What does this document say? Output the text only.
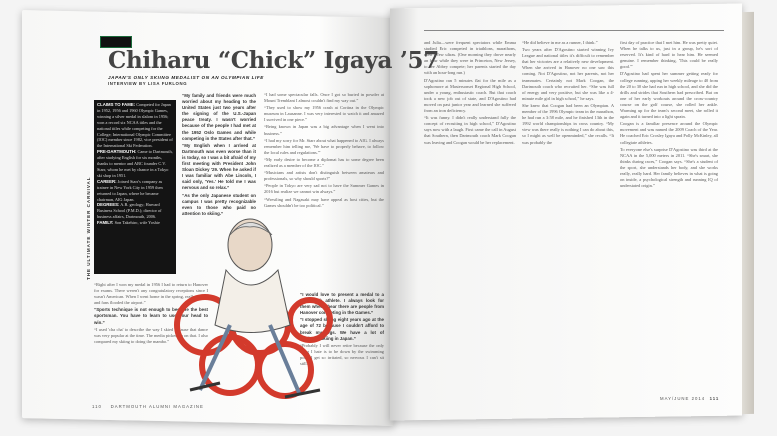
THE ULTIMATE WINTER CARNIVAL
Chiharu “Chick” Igaya ’57
JAPAN'S ONLY SKIING MEDALIST ON AN OLYMPIAN LIFE
INTERVIEW BY LISA FURLONG
CLAIMS TO FAME: Competed for Japan in 1952, 1956 and 1960 Olympic Games, winning a silver medal in slalom in 1956; won a record six NCAA titles and the national titles while competing for the College; International Olympic Committee (IOC) member since 1982, vice president of the International Ski Federation.
PRE-DARTMOUTH: Came to Dartmouth, after studying English for six months, thanks to mentor and ABC founder C.V. Starr, whom he met by chance in a Tokyo ski shop in 1951.
CAREER: Joined Starr's company as trainee in New York City in 1959 then returned to Japan, where he became chairman, AIG Japan.
DEGREES: A.B. geology; Harvard Business School (P.M.D.); director of business affairs, Dartmouth, 2006.
FAMILY: Son Takehiro, wife Yoshie

“My family and friends were much worried about my heading to the United States just two years after the signing of the U.S.-Japan peace treaty. I wasn't worried because of the people I had met at the 1952 Oslo Games and while competing in the States after that.”

“My English when I arrived at Dartmouth was even worse than it is today, so I was a bit afraid of my first meeting with President John Sloan Dickey '29. When he asked if I was familiar with Abe Lincoln, I said only, 'Yes.' He told me I was nervous and so relax.”

“As the only Japanese student on campus I was pretty recognizable even to those who paid no attention to skiing.”

“I had some spectacular falls. Once I got so buried in powder at Mount Tremblant I almost couldn't find my way out.”

“They used to show my 1956 crash at Cortina in the Olympic museum in Lausanne. I was very interested to watch it and amazed I survived in one piece.”

“Being known in Japan was a big advantage when I went into business.”

“I had my sorry for Mr. Starr about what happened to AIG. I always remember him telling me, 'We have to properly behave, to follow the local rules and regulations.'”

“My early desire to become a diplomat has to some degree been realized as a member of the IOC.”

“Musicians and artists don't distinguish between amateurs and professionals, so why should sports?”

“People in Tokyo are very sad not to have the Summer Games in 2016 but realize we cannot win always.”

“Wrestling and Nagasaki may have appeal as host cities, but the Games shouldn't be too political.”

“Right after I won my medal in 1956 I had to return to Hanover for exams. There weren't any congratulatory receptions since I wasn't American. When I went home in the spring, really people and fans flooded the airport.”

“Sports technique is not enough to become the best sportsman. You have to learn to use your head to win.”

“I used 'cha cha' to describe the way I skied because that dance was very popular at the time. The media picked up on that. I also compared my skiing to doing the mambo.”

“I would love to present a medal to a Dartmouth athlete. I always look for them when I hear there are people from Hanover competing in the Games.”

“I stopped skiing eight years ago at the age of 72 because I couldn't afford to break my legs. We have a lot of hardware skiing in Japan.”

“Probably I will never retire because the only thing I hate is to be down by the swimming pool. I get so irritated, so nervous I can't sit still.”

110 DARTMOUTH ALUMNI MAGAZINE

and Julia—were frequent spectators while Emma studied Eric competed in triathlons, marathons, even a few ultras. (One morning they drove nearly an hour while they were in Princeton, New Jersey, to see Abbey compete; her parents started the day with an hour-long run.)

D'Agostino ran 5 minutes flat for the mile as a sophomore at Mastersonset Regional High School, under a young, enthusiastic coach. But that coach took a new job out of state, and D'Agostino had moved on past junior year and learned she suffered from an iron deficiency.

“It was funny. I didn't really understand fully the concept of recruiting in high school,” D'Agostino says now with a laugh. First came the call in August that Southern, then Dartmouth coach Mark Coogan was leaving and Coogan would be her replacement.

“He did believe in me as a runner, I think.”

Two years after D'Agostino started winning Ivy League and national titles it's difficult to remember that her victories are a relatively new development. When she arrived in Hanover no one saw this coming. Not D'Agostino, not her parents, not her teammates. Certainly not Mark Coogan, the Dartmouth coach who recruited her. “She was full of energy and very positive, but she was like a 4-minute mile girl in high school,” he says.

She knew that Coogan had been an Olympian. A member of the 1996 Olympic team in the marathon, he had run a 3:58 mile, and he finished 13th in the 1992 world championships in cross country. “My view was there really is nothing I can do about this, so I might as well be openminded,” she recalls. “It was probably the

first day of practice that I met him. He was pretty quiet. When he talks to us, just in a group, he's sort of reserved. It's kind of hard to hear him. He seemed genuine. I remember thinking, 'This could be really good.'”

D'Agostino had spent her summer getting ready for college running, upping her weekly mileage to 40 from the 20 to 30 she had run in high school, and she did the drills and strides that Southern had prescribed. But on one of her early workouts around the cross-country course on the golf course, she rolled her ankle. Warming up for the team's second meet, she rolled it again and it turned into a light sprain.

Coogan is a familiar presence around the Olympic movement and was named the 2009 Coach of the Year. He coached Eric Crosley Igaya and Polly McKinley, all collegiate athletes.

To everyone else's surprise D'Agostino was third at the NCAA in the 5,000 meters in 2011. “She's smart, she thinks during races,” Coogan says. “She's a student of the sport, she understands her body, and she works really, really hard. Her family believes in what is going on inside, a psychological strength and running IQ of understated origin.”

MAY/JUNE 2014 111
